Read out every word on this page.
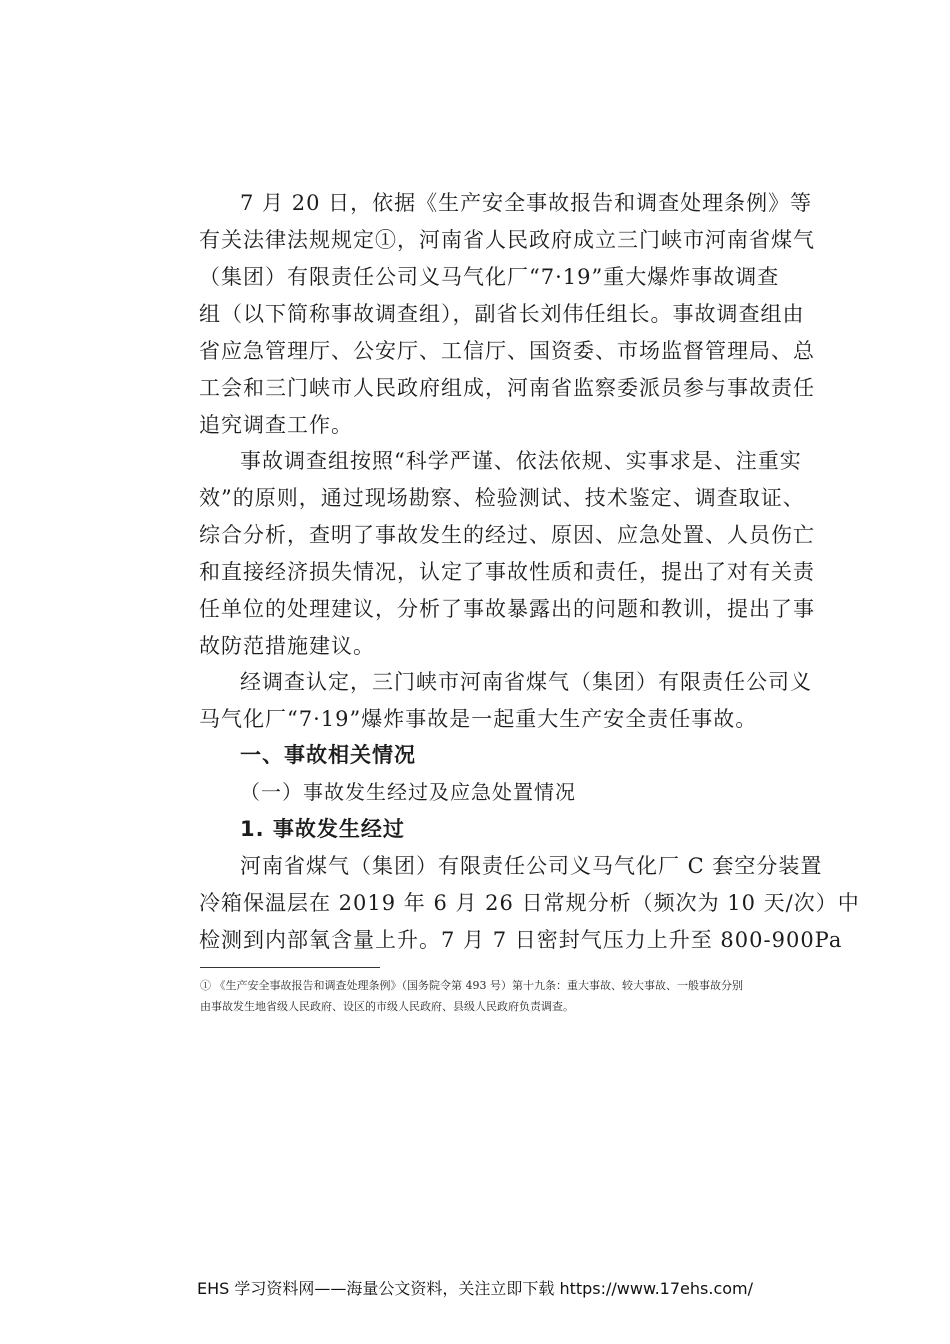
7 月 20 日，依据《生产安全事故报告和调查处理条例》等
有关法律法规规定①，河南省人民政府成立三门峡市河南省煤气
（集团）有限责任公司义马气化厂“7·19”重大爆炸事故调查
组（以下简称事故调查组），副省长刘伟任组长。事故调查组由
省应急管理厅、公安厅、工信厅、国资委、市场监督管理局、总
工会和三门峡市人民政府组成，河南省监察委派员参与事故责任
追究调查工作。
事故调查组按照“科学严谨、依法依规、实事求是、注重实
效”的原则，通过现场勘察、检验测试、技术鉴定、调查取证、
综合分析，查明了事故发生的经过、原因、应急处置、人员伤亡
和直接经济损失情况，认定了事故性质和责任，提出了对有关责
任单位的处理建议，分析了事故暴露出的问题和教训，提出了事
故防范措施建议。
经调查认定，三门峡市河南省煤气（集团）有限责任公司义
马气化厂“7·19”爆炸事故是一起重大生产安全责任事故。
一、事故相关情况
（一）事故发生经过及应急处置情况
1. 事故发生经过
河南省煤气（集团）有限责任公司义马气化厂 C 套空分装置
冷箱保温层在 2019 年 6 月 26 日常规分析（频次为 10 天/次）中
检测到内部氧含量上升。7 月 7 日密封气压力上升至 800-900Pa
① 《生产安全事故报告和调查处理条例》（国务院令第 493 号）第十九条：重大事故、较大事故、一般事故分别
由事故发生地省级人民政府、设区的市级人民政府、县级人民政府负责调查。
EHS 学习资料网——海量公文资料，关注立即下载 https://www.17ehs.com/
